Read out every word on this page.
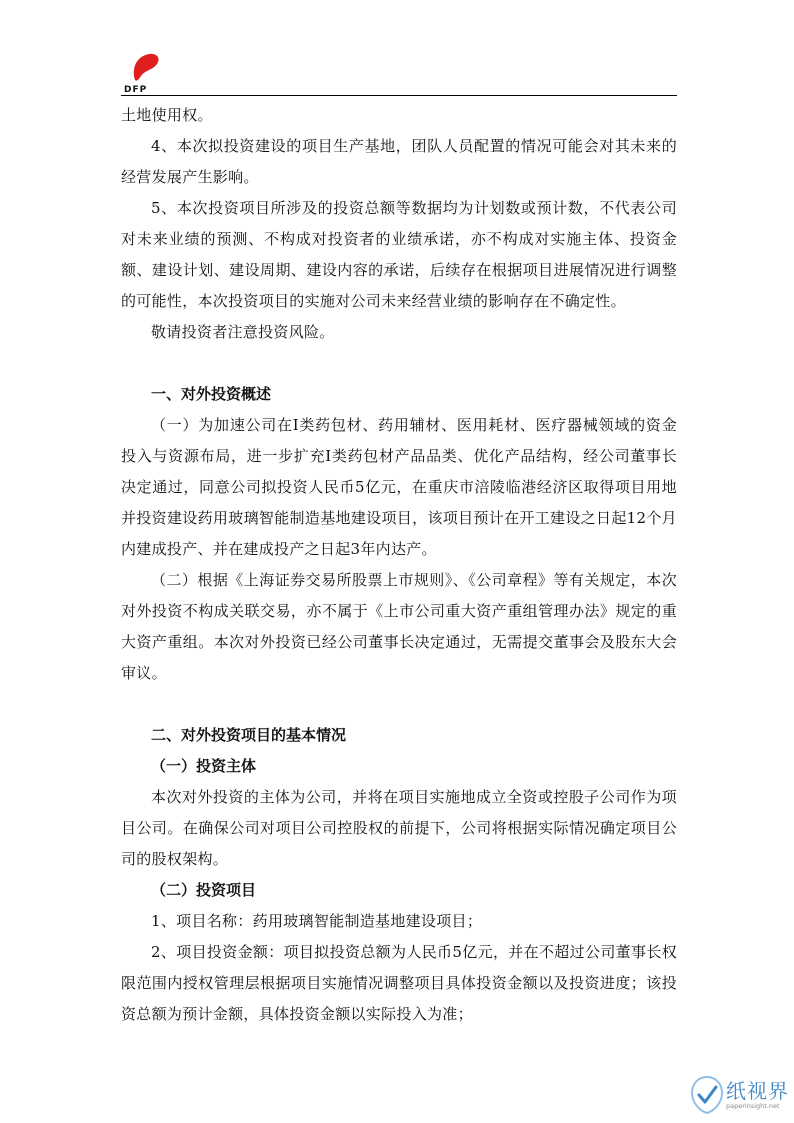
DFP

土地使用权。

4、本次拟投资建设的项目生产基地，团队人员配置的情况可能会对其未来的经营发展产生影响。

5、本次投资项目所涉及的投资总额等数据均为计划数或预计数，不代表公司对未来业绩的预测、不构成对投资者的业绩承诺，亦不构成对实施主体、投资金额、建设计划、建设周期、建设内容的承诺，后续存在根据项目进展情况进行调整的可能性，本次投资项目的实施对公司未来经营业绩的影响存在不确定性。

敬请投资者注意投资风险。

一、对外投资概述

（一）为加速公司在Ⅰ类药包材、药用辅材、医用耗材、医疗器械领域的资金投入与资源布局，进一步扩充Ⅰ类药包材产品品类、优化产品结构，经公司董事长决定通过，同意公司拟投资人民币5亿元，在重庆市涪陵临港经济区取得项目用地并投资建设药用玻璃智能制造基地建设项目，该项目预计在开工建设之日起12个月内建成投产、并在建成投产之日起3年内达产。

（二）根据《上海证券交易所股票上市规则》、《公司章程》等有关规定，本次对外投资不构成关联交易，亦不属于《上市公司重大资产重组管理办法》规定的重大资产重组。本次对外投资已经公司董事长决定通过，无需提交董事会及股东大会审议。

二、对外投资项目的基本情况

（一）投资主体

本次对外投资的主体为公司，并将在项目实施地成立全资或控股子公司作为项目公司。在确保公司对项目公司控股权的前提下，公司将根据实际情况确定项目公司的股权架构。

（二）投资项目

1、项目名称：药用玻璃智能制造基地建设项目；

2、项目投资金额：项目拟投资总额为人民币5亿元，并在不超过公司董事长权限范围内授权管理层根据项目实施情况调整项目具体投资金额以及投资进度；该投资总额为预计金额，具体投资金额以实际投入为准；

纸视界
paperinsight.net
